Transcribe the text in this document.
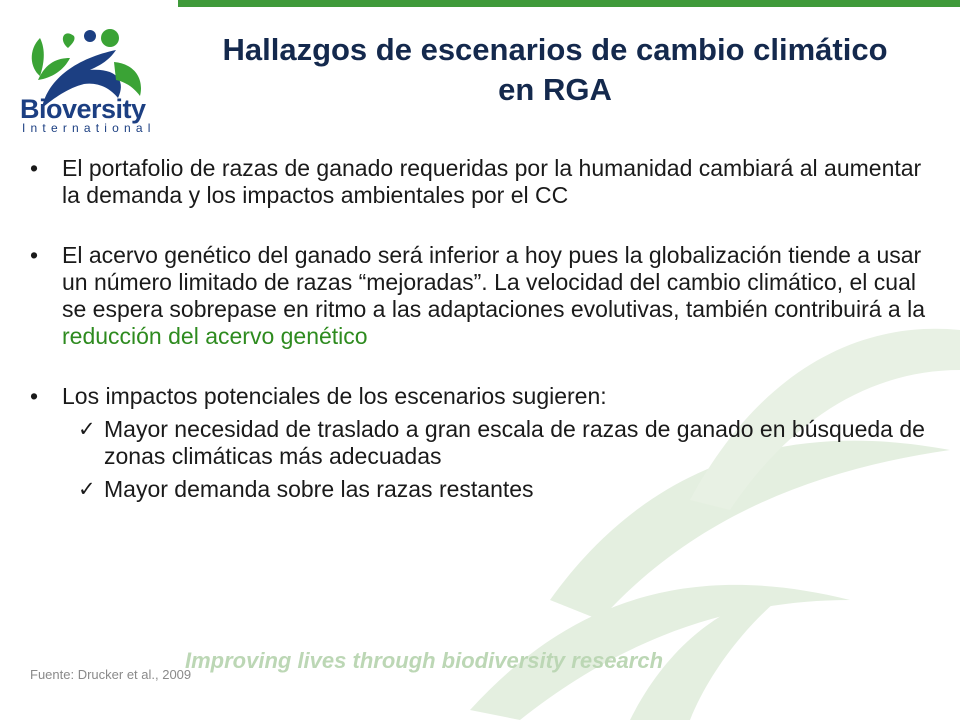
Bioversity
International
Hallazgos de escenarios de cambio climático en RGA
• El portafolio de razas de ganado requeridas por la humanidad cambiará al aumentar la demanda y los impactos ambientales por el CC
• El acervo genético del ganado será inferior a hoy pues la globalización tiende a usar un número limitado de razas “mejoradas”. La velocidad del cambio climático, el cual se espera sobrepase en ritmo a las adaptaciones evolutivas, también contribuirá a la reducción del acervo genético
• Los impactos potenciales de los escenarios sugieren:
✓ Mayor necesidad de traslado a gran escala de razas de ganado en búsqueda de zonas climáticas más adecuadas
✓ Mayor demanda sobre las razas restantes
Improving lives through biodiversity research
Fuente: Drucker et al., 2009
